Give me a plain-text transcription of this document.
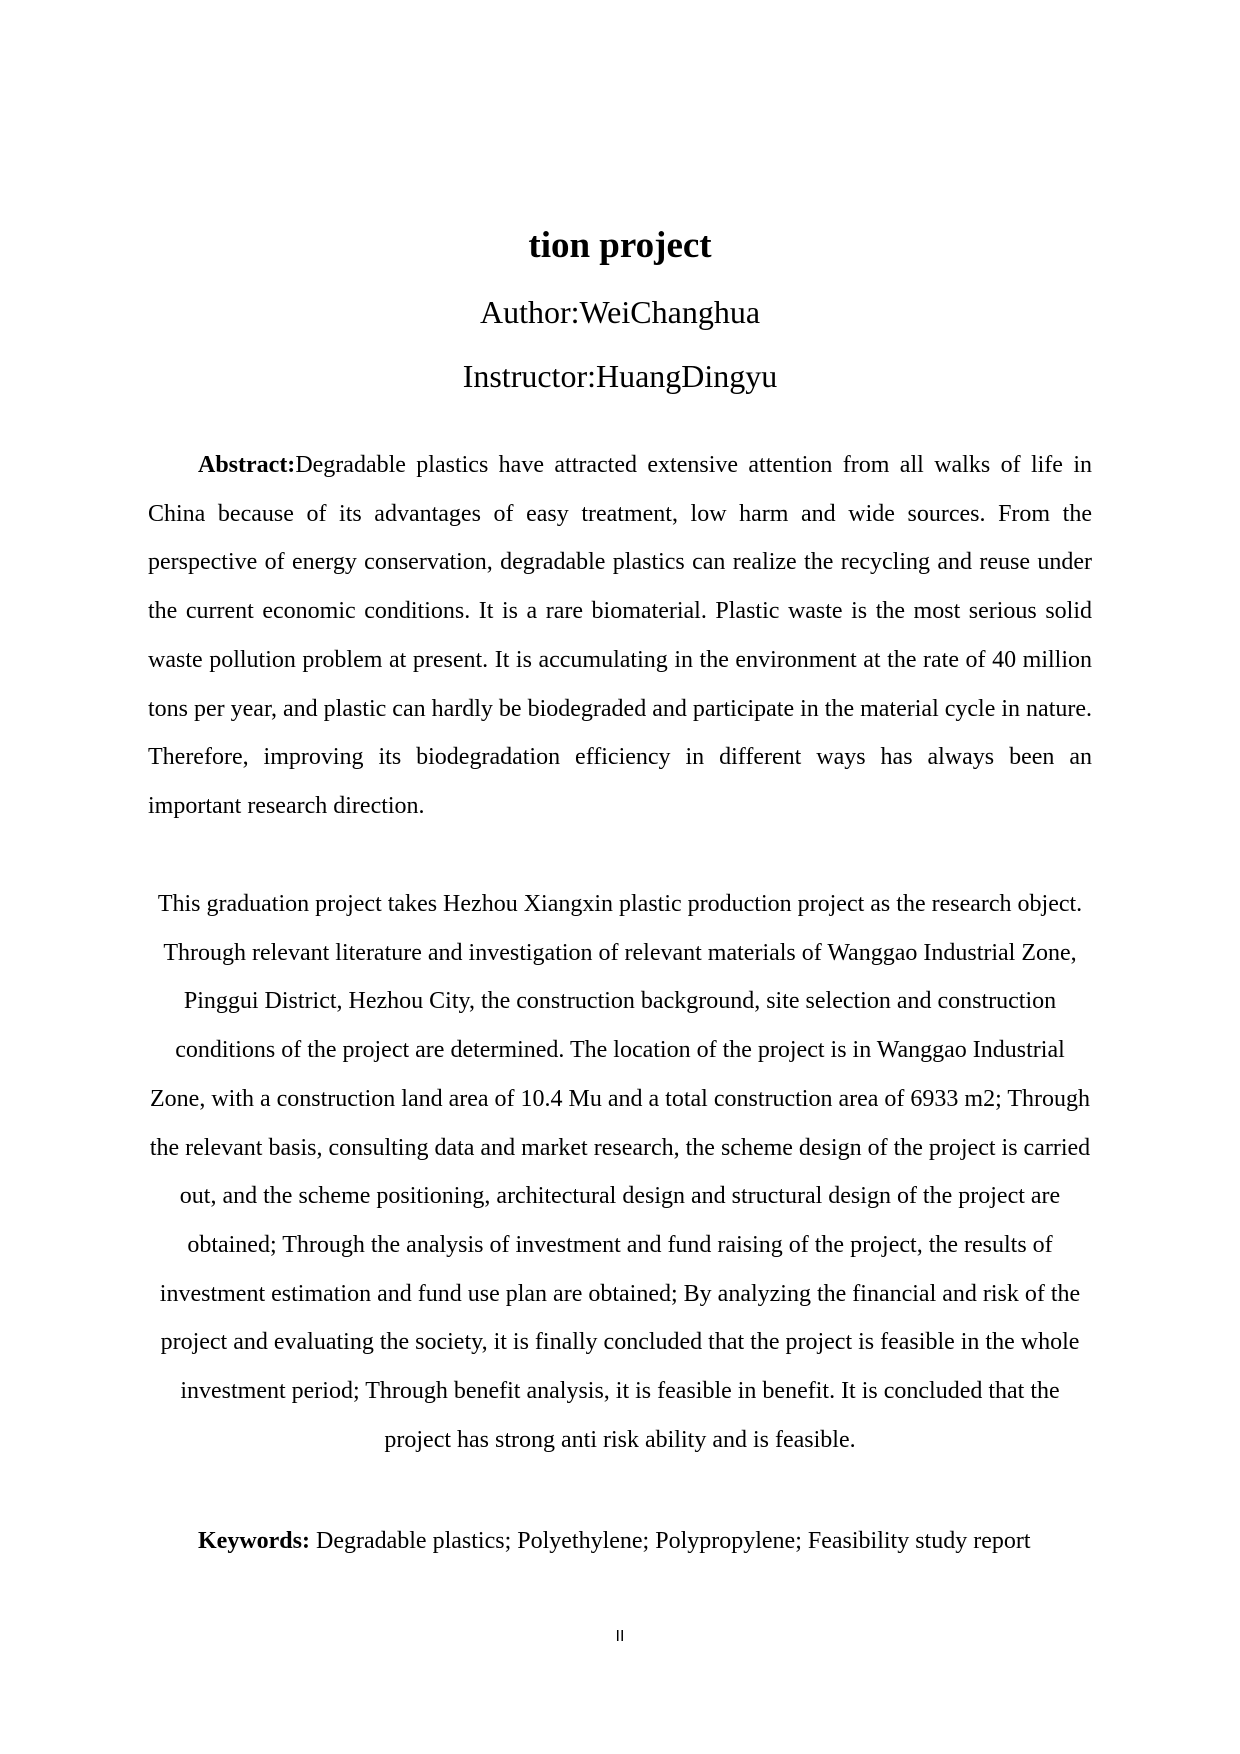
tion project

Author:WeiChanghua

Instructor:HuangDingyu

Abstract:Degradable plastics have attracted extensive attention from all walks of life in China because of its advantages of easy treatment, low harm and wide sources. From the perspective of energy conservation, degradable plastics can realize the recycling and reuse under the current economic conditions. It is a rare biomaterial. Plastic waste is the most serious solid waste pollution problem at present. It is accumulating in the environment at the rate of 40 million tons per year, and plastic can hardly be biodegraded and participate in the material cycle in nature. Therefore, improving its biodegradation efficiency in different ways has always been an important research direction.

This graduation project takes Hezhou Xiangxin plastic production project as the research object. Through relevant literature and investigation of relevant materials of Wanggao Industrial Zone, Pinggui District, Hezhou City, the construction background, site selection and construction conditions of the project are determined. The location of the project is in Wanggao Industrial Zone, with a construction land area of 10.4 Mu and a total construction area of 6933 m2; Through the relevant basis, consulting data and market research, the scheme design of the project is carried out, and the scheme positioning, architectural design and structural design of the project are obtained; Through the analysis of investment and fund raising of the project, the results of investment estimation and fund use plan are obtained; By analyzing the financial and risk of the project and evaluating the society, it is finally concluded that the project is feasible in the whole investment period; Through benefit analysis, it is feasible in benefit. It is concluded that the project has strong anti risk ability and is feasible.

Keywords: Degradable plastics; Polyethylene; Polypropylene; Feasibility study report

II
